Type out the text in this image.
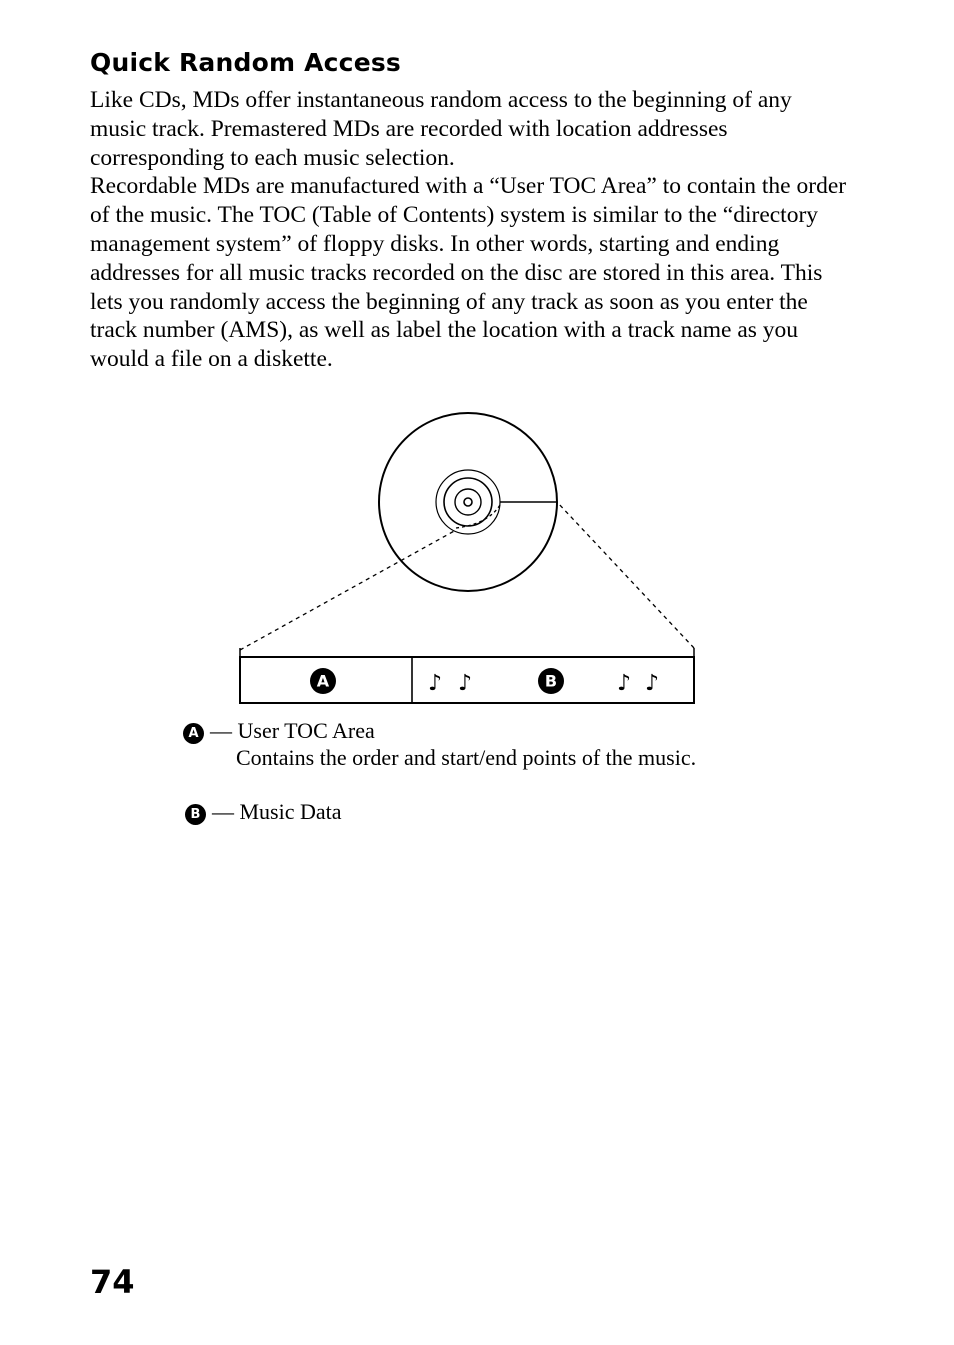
Quick Random Access

Like CDs, MDs offer instantaneous random access to the beginning of any music track. Premastered MDs are recorded with location addresses corresponding to each music selection.

Recordable MDs are manufactured with a “User TOC Area” to contain the order of the music. The TOC (Table of Contents) system is similar to the “directory management system” of floppy disks. In other words, starting and ending addresses for all music tracks recorded on the disc are stored in this area. This lets you randomly access the beginning of any track as soon as you enter the track number (AMS), as well as label the location with a track name as you would a file on a diskette.

A	B
♪ ♪	♪ ♪
A — User TOC Area
Contains the order and start/end points of the music.
B — Music Data
74
